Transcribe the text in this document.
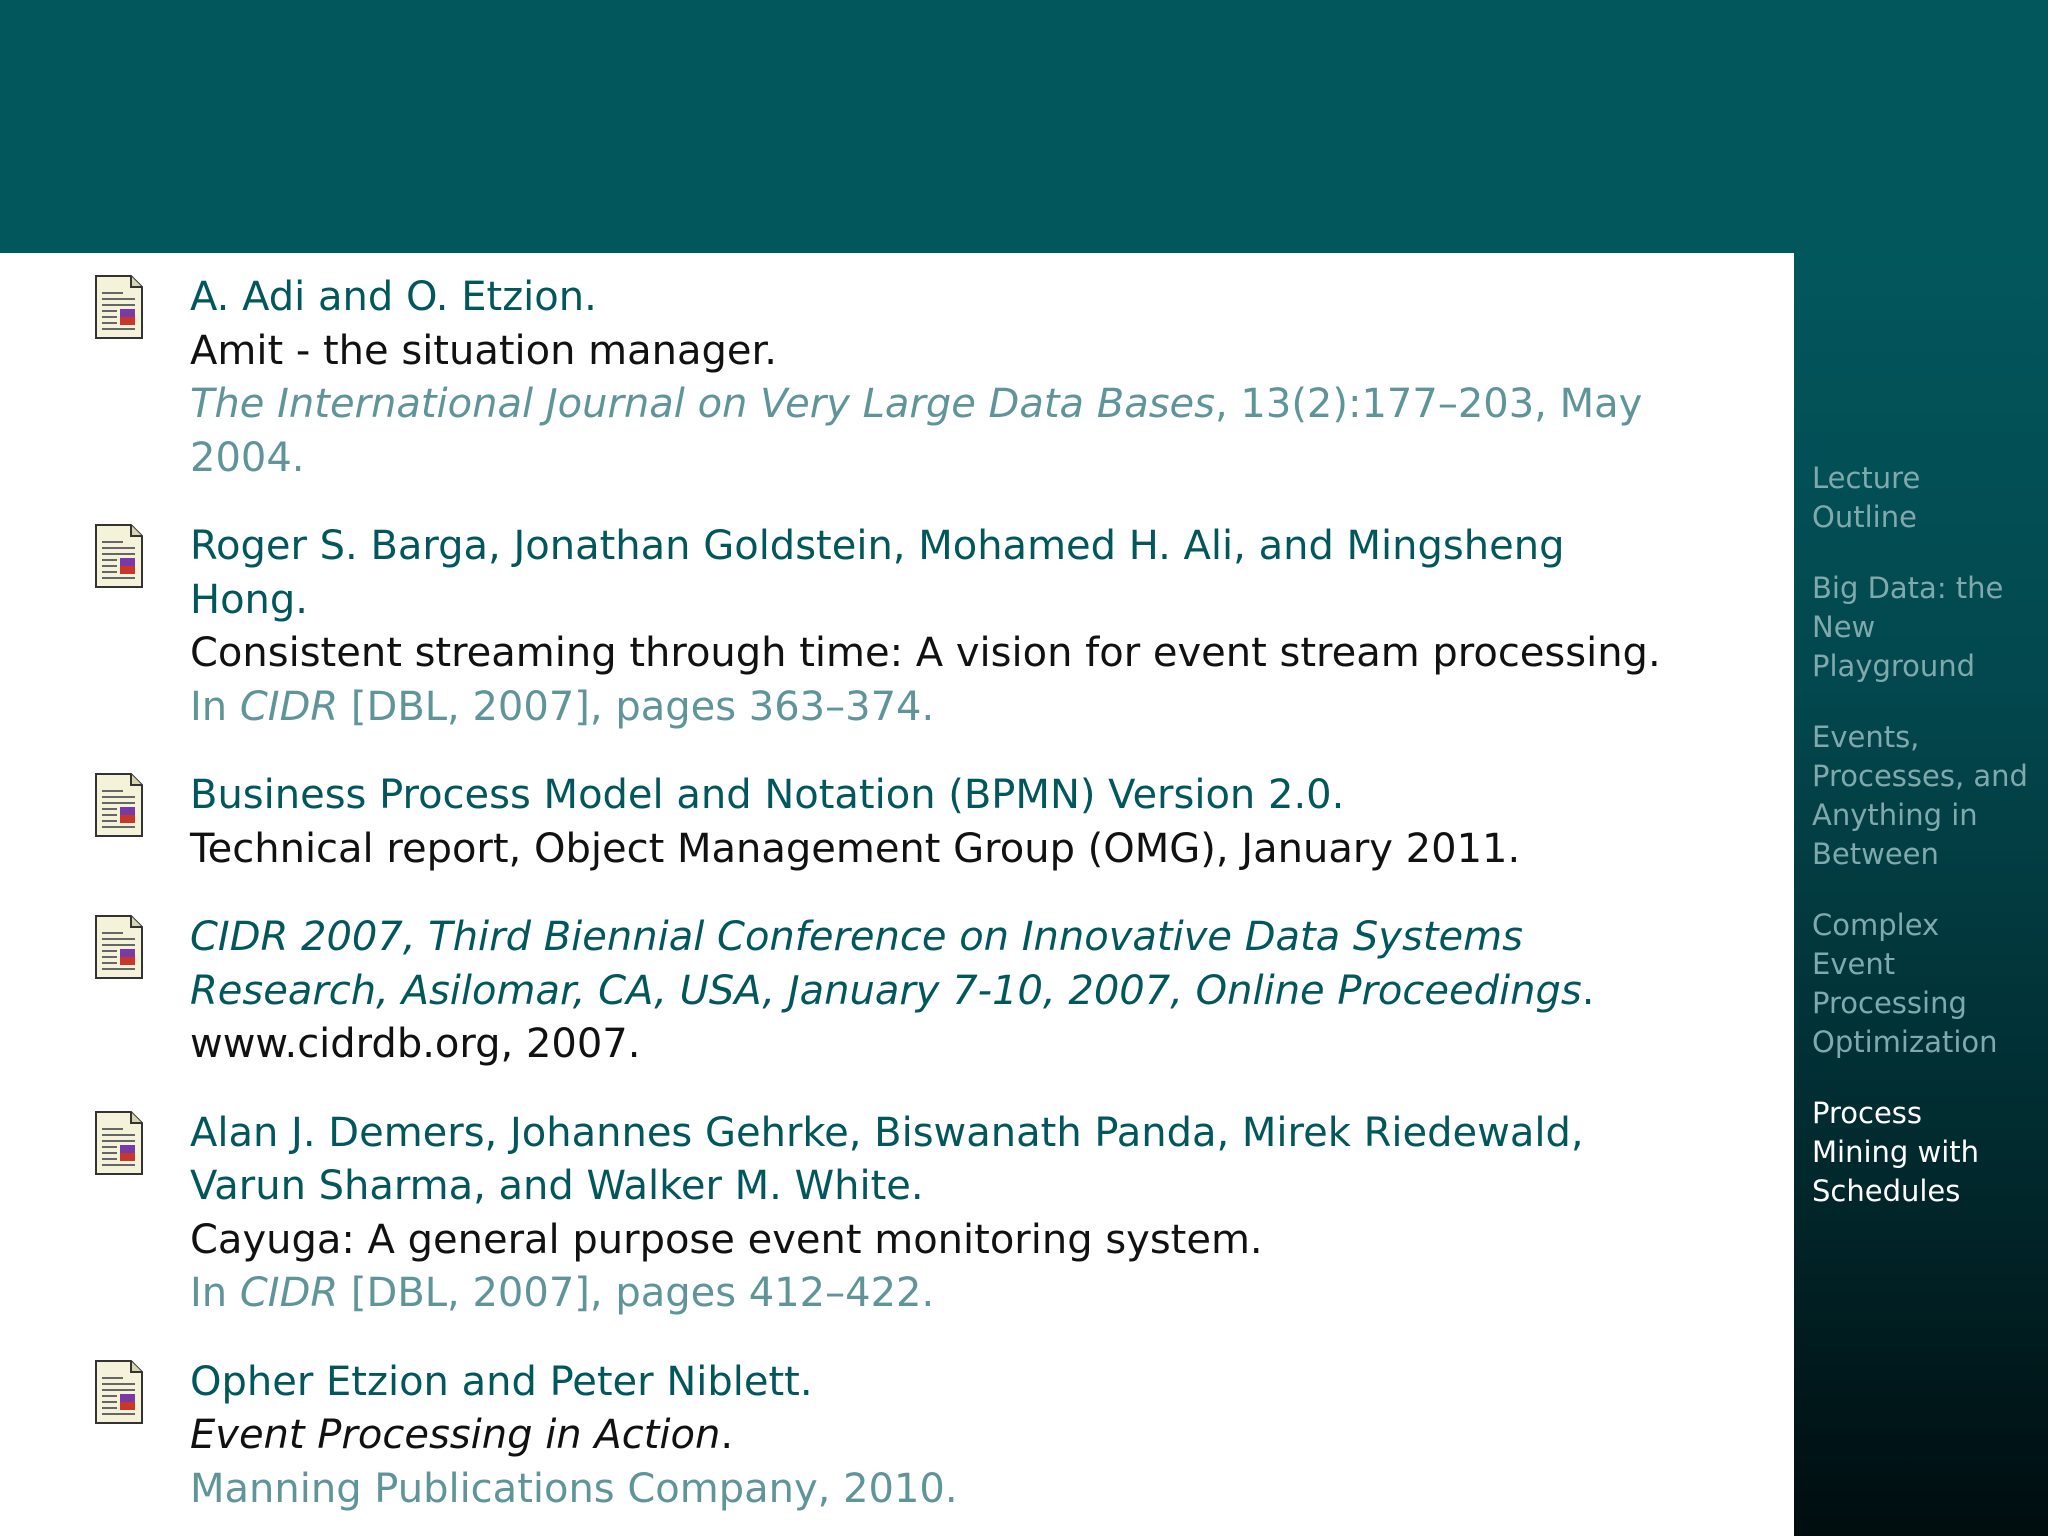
A. Adi and O. Etzion.
Amit - the situation manager.
The International Journal on Very Large Data Bases, 13(2):177–203, May 2004.
Roger S. Barga, Jonathan Goldstein, Mohamed H. Ali, and Mingsheng Hong.
Consistent streaming through time: A vision for event stream processing.
In CIDR [DBL, 2007], pages 363–374.
Business Process Model and Notation (BPMN) Version 2.0.
Technical report, Object Management Group (OMG), January 2011.
CIDR 2007, Third Biennial Conference on Innovative Data Systems Research, Asilomar, CA, USA, January 7-10, 2007, Online Proceedings.
www.cidrdb.org, 2007.
Alan J. Demers, Johannes Gehrke, Biswanath Panda, Mirek Riedewald, Varun Sharma, and Walker M. White.
Cayuga: A general purpose event monitoring system.
In CIDR [DBL, 2007], pages 412–422.
Opher Etzion and Peter Niblett.
Event Processing in Action.
Manning Publications Company, 2010.
Lecture
Outline
Big Data: the
New
Playground
Events,
Processes, and
Anything in
Between
Complex
Event
Processing
Optimization
Process
Mining with
Schedules
